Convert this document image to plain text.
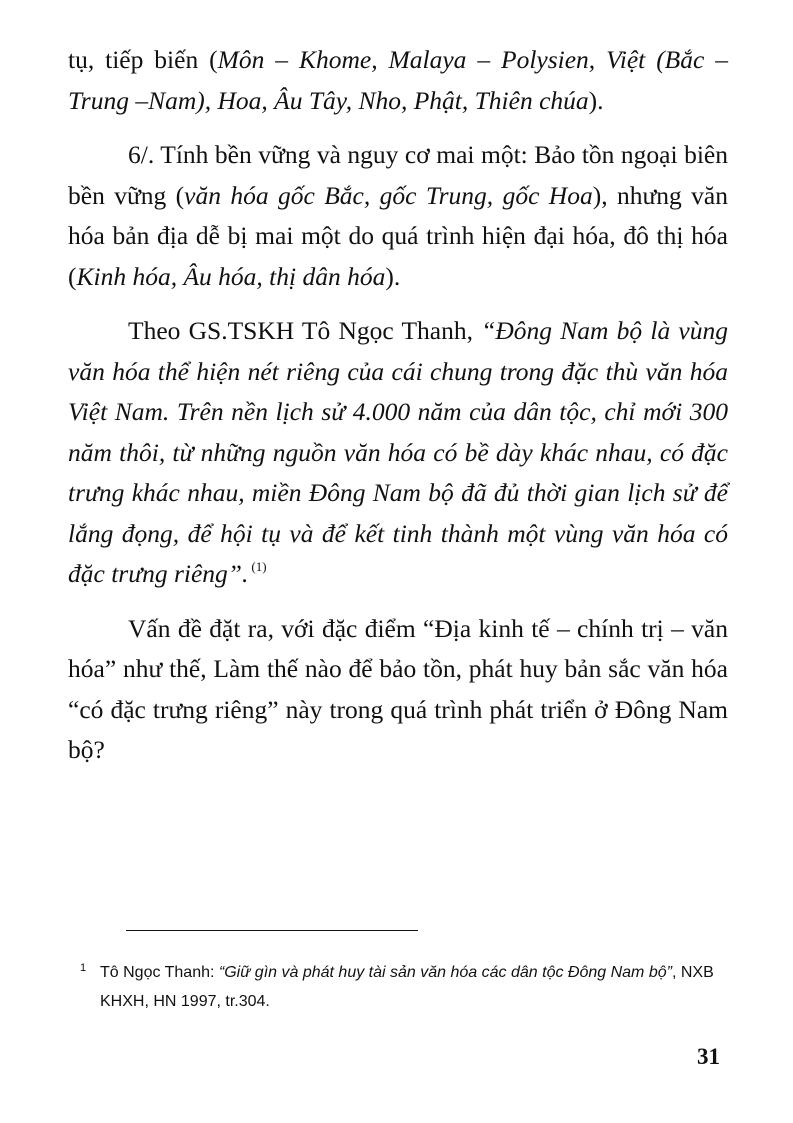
tụ, tiếp biến (Môn – Khome, Malaya – Polysien, Việt (Bắc – Trung –Nam), Hoa, Âu Tây, Nho, Phật, Thiên chúa).

6/. Tính bền vững và nguy cơ mai một: Bảo tồn ngoại biên bền vững (văn hóa gốc Bắc, gốc Trung, gốc Hoa), nhưng văn hóa bản địa dễ bị mai một do quá trình hiện đại hóa, đô thị hóa (Kinh hóa, Âu hóa, thị dân hóa).

Theo GS.TSKH Tô Ngọc Thanh, “Đông Nam bộ là vùng văn hóa thể hiện nét riêng của cái chung trong đặc thù văn hóa Việt Nam. Trên nền lịch sử 4.000 năm của dân tộc, chỉ mới 300 năm thôi, từ những nguồn văn hóa có bề dày khác nhau, có đặc trưng khác nhau, miền Đông Nam bộ đã đủ thời gian lịch sử để lắng đọng, để hội tụ và để kết tinh thành một vùng văn hóa có đặc trưng riêng”. $^{(1)}$

Vấn đề đặt ra, với đặc điểm “Địa kinh tế – chính trị – văn hóa” như thế, Làm thế nào để bảo tồn, phát huy bản sắc văn hóa “có đặc trưng riêng” này trong quá trình phát triển ở Đông Nam bộ?

1 Tô Ngọc Thanh: “Giữ gìn và phát huy tài sản văn hóa các dân tộc Đông Nam bộ”, NXB KHXH, HN 1997, tr.304.
31
